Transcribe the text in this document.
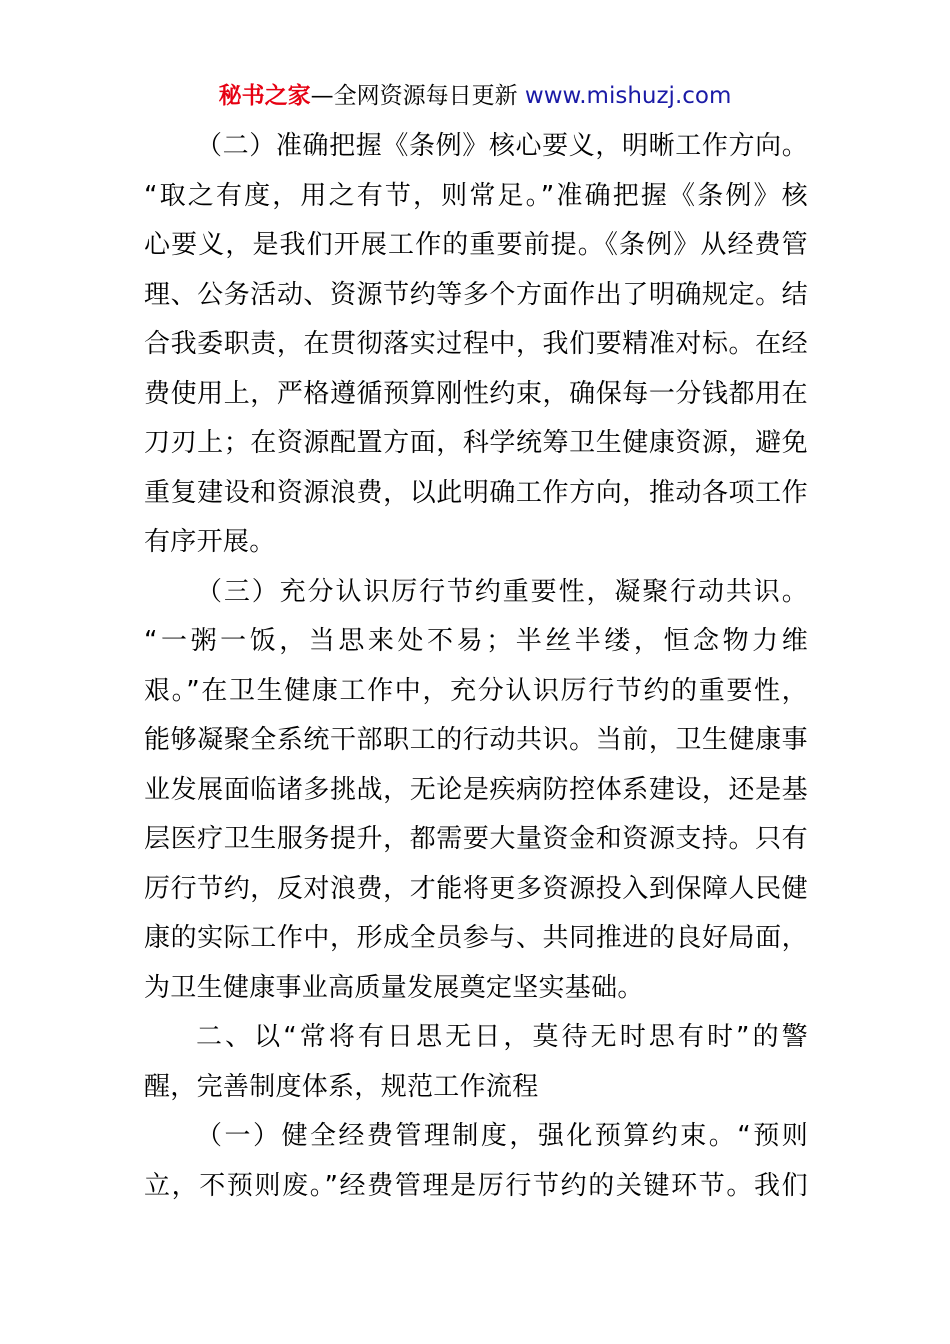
秘书之家—全网资源每日更新 www.mishuzj.com
（二）准确把握《条例》核心要义，明晰工作方向。
“取之有度，用之有节，则常足。”准确把握《条例》核
心要义，是我们开展工作的重要前提。《条例》从经费管
理、公务活动、资源节约等多个方面作出了明确规定。结
合我委职责，在贯彻落实过程中，我们要精准对标。在经
费使用上，严格遵循预算刚性约束，确保每一分钱都用在
刀刃上；在资源配置方面，科学统筹卫生健康资源，避免
重复建设和资源浪费，以此明确工作方向，推动各项工作
有序开展。
（三）充分认识厉行节约重要性，凝聚行动共识。
“一粥一饭，当思来处不易；半丝半缕，恒念物力维
艰。”在卫生健康工作中，充分认识厉行节约的重要性，
能够凝聚全系统干部职工的行动共识。当前，卫生健康事
业发展面临诸多挑战，无论是疾病防控体系建设，还是基
层医疗卫生服务提升，都需要大量资金和资源支持。只有
厉行节约，反对浪费，才能将更多资源投入到保障人民健
康的实际工作中，形成全员参与、共同推进的良好局面，
为卫生健康事业高质量发展奠定坚实基础。
二、以“常将有日思无日，莫待无时思有时”的警
醒，完善制度体系，规范工作流程
（一）健全经费管理制度，强化预算约束。“预则
立，不预则废。”经费管理是厉行节约的关键环节。我们
